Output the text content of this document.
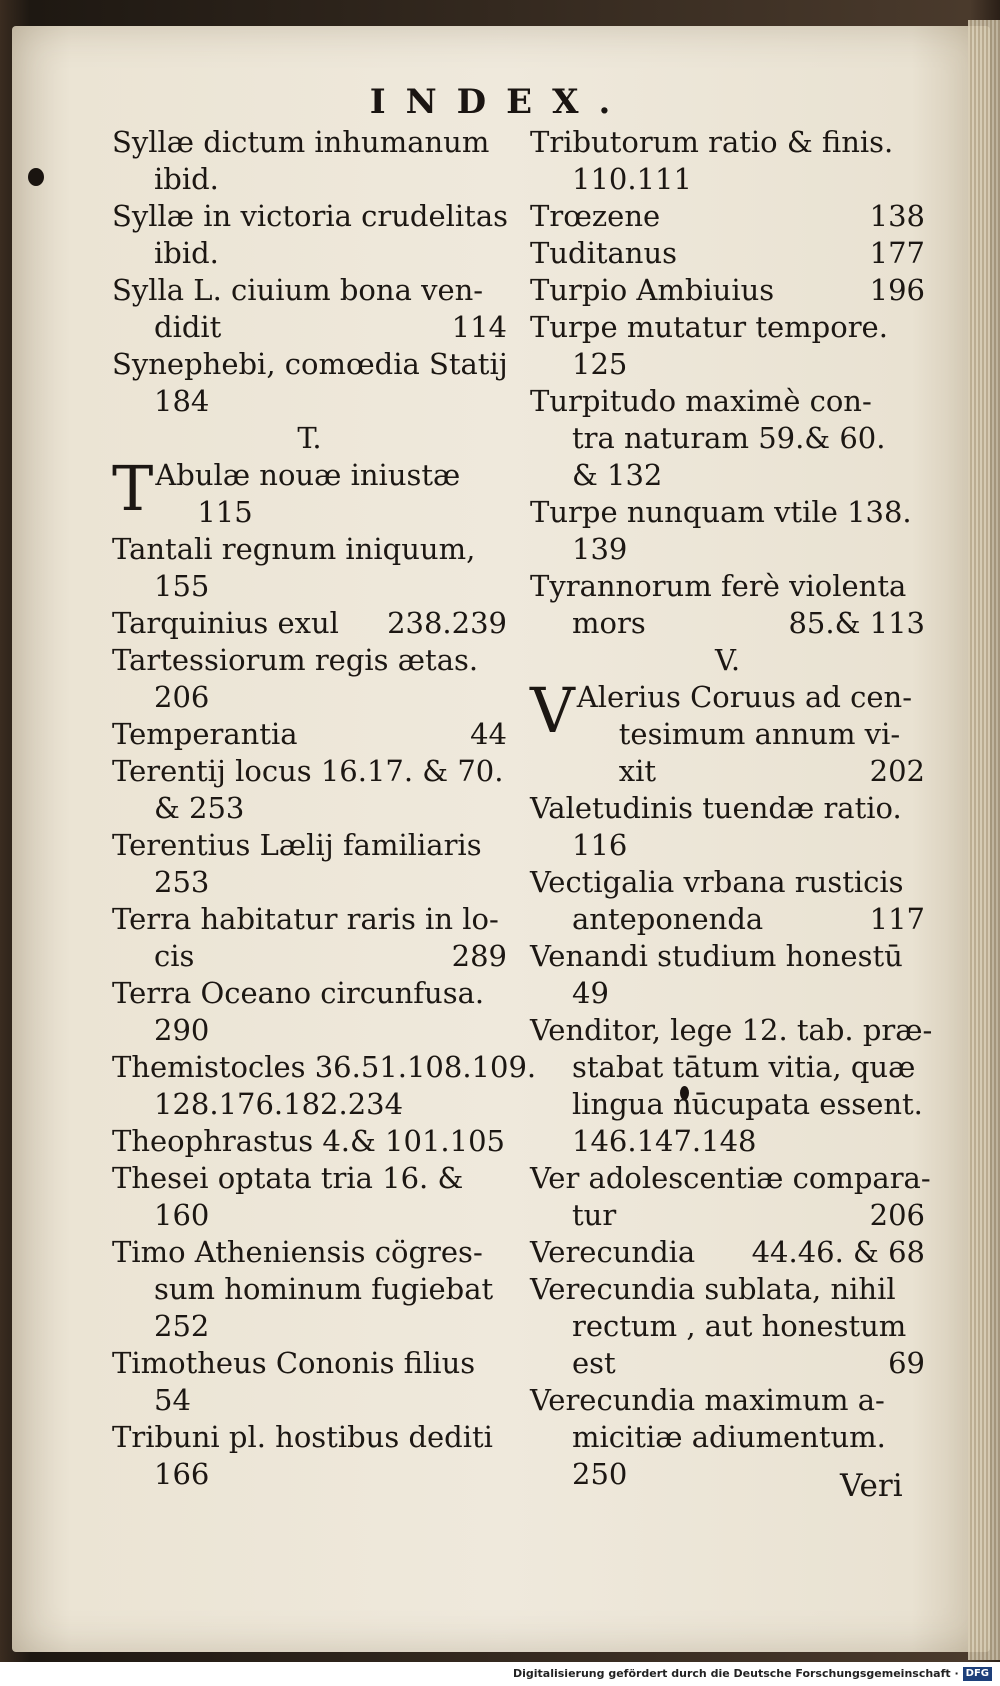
INDEX.
Syllæ dictum inhumanum
ibid.
Syllæ in victoria crudelitas
ibid.
Sylla L. ciuium bona ven-
didit	114
Synephebi, comœdia Statij
184
T.
T Abulæ nouæ iniustæ
115
Tantali regnum iniquum,
155
Tarquinius exul 238.239
Tartessiorum regis ætas.
206
Temperantia	44
Terentij locus 16.17. & 70.
& 253
Terentius Lælij familiaris
253
Terra habitatur raris in lo-
cis	289
Terra Oceano circunfusa.
290
Themistocles 36.51.108.109.
128.176.182.234
Theophrastus 4.& 101.105
Thesei optata tria 16. &
160
Timo Atheniensis cögres-
sum hominum fugiebat
252
Timotheus Cononis filius
54
Tribuni pl. hostibus dediti
166
Tributorum ratio & finis.
110.111
Trœzene	138
Tuditanus	177
Turpio Ambiuius	196
Turpe mutatur tempore.
125
Turpitudo maximè con-
tra naturam 59.& 60.
& 132
Turpe nunquam vtile 138.
139
Tyrannorum ferè violenta
mors	85.& 113
V.
V Alerius Coruus ad cen-
tesimum annum vi-
xit	202
Valetudinis tuendæ ratio.
116
Vectigalia vrbana rusticis
anteponenda	117
Venandi studium honestū
49
Venditor, lege 12. tab. præ-
stabat tātum vitia, quæ
lingua nūcupata essent.
146.147.148
Ver adolescentiæ compara-
tur	206
Verecundia 44.46. & 68
Verecundia sublata, nihil
rectum , aut honestum
est	69
Verecundia maximum a-
micitiæ adiumentum.
250	Veri
Digitalisierung gefördert durch die Deutsche Forschungsgemeinschaft · DFG
